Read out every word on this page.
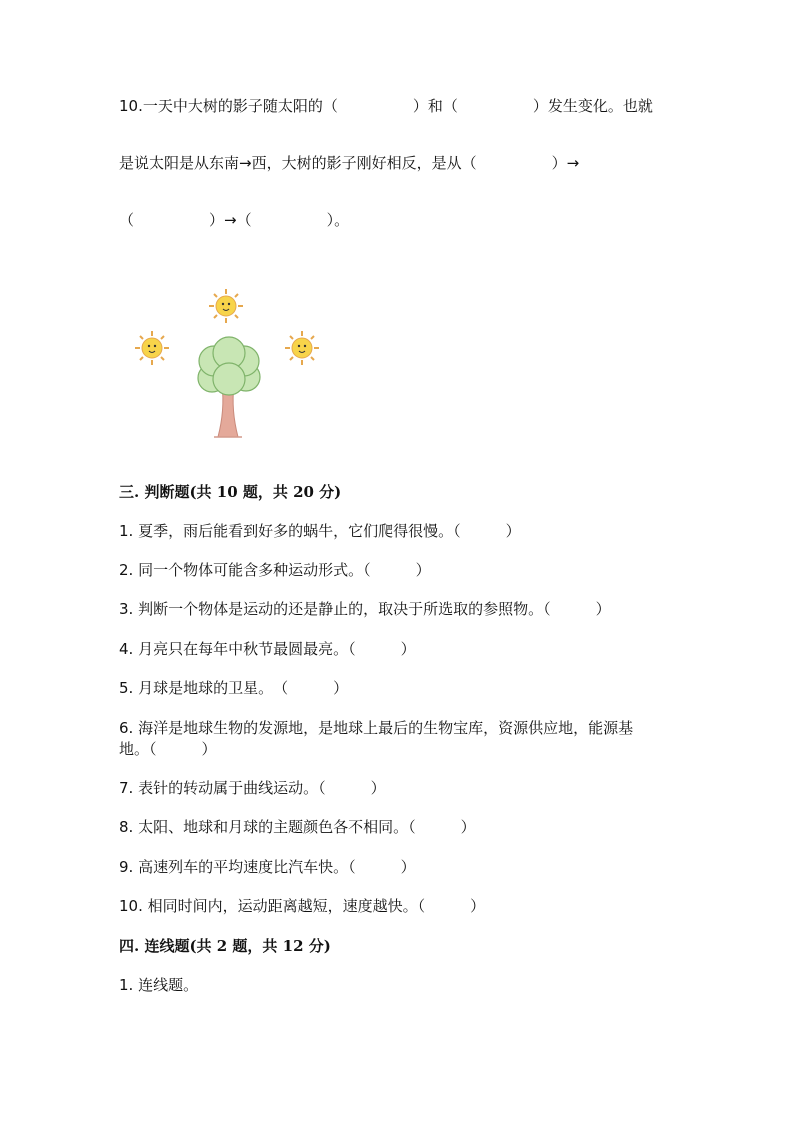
10.一天中大树的影子随太阳的（　　　　　）和（　　　　　）发生变化。也就
是说太阳是从东南→西，大树的影子刚好相反，是从（　　　　　）→
（　　　　　）→（　　　　　）。
三. 判断题(共 10 题，共 20 分)
1. 夏季，雨后能看到好多的蜗牛，它们爬得很慢。（　　　）
2. 同一个物体可能含多种运动形式。（　　　）
3. 判断一个物体是运动的还是静止的，取决于所选取的参照物。（　　　）
4. 月亮只在每年中秋节最圆最亮。（　　　）
5. 月球是地球的卫星。　（　　　）
6. 海洋是地球生物的发源地，是地球上最后的生物宝库，资源供应地，能源基
地。（　　　）
7. 表针的转动属于曲线运动。（　　　）
8. 太阳、地球和月球的主题颜色各不相同。（　　　）
9. 高速列车的平均速度比汽车快。（　　　）
10. 相同时间内，运动距离越短，速度越快。（　　　）
四. 连线题(共 2 题，共 12 分)
1. 连线题。
